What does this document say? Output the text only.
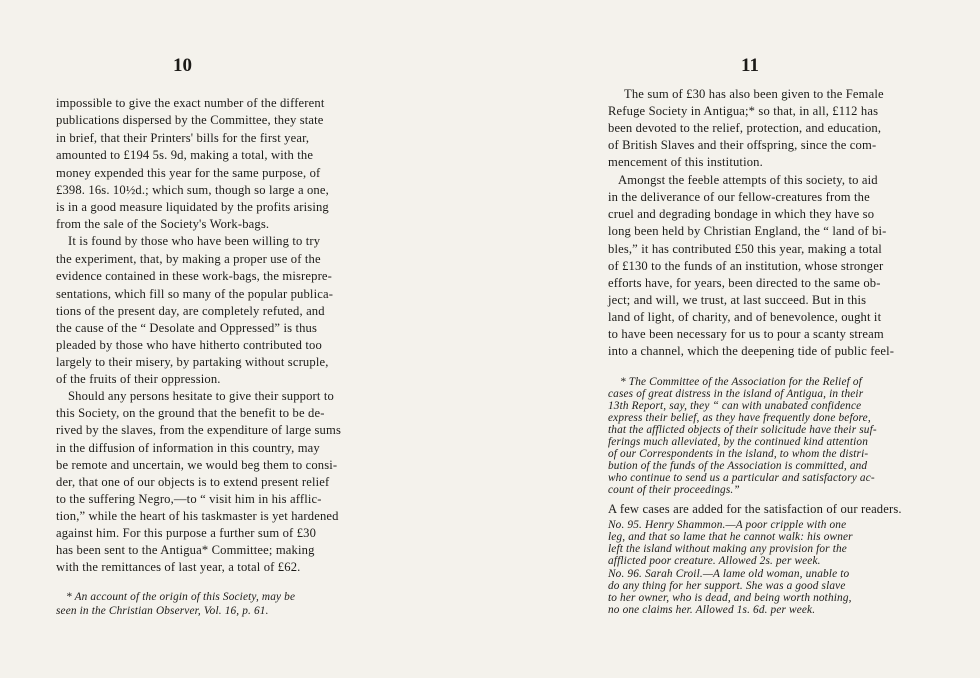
10
impossible to give the exact number of the different
publications dispersed by the Committee, they state
in brief, that their Printers' bills for the first year,
amounted to £194 5s. 9d, making a total, with the
money expended this year for the same purpose, of
£398. 16s. 10½d.; which sum, though so large a one,
is in a good measure liquidated by the profits arising
from the sale of the Society's Work-bags.
It is found by those who have been willing to try
the experiment, that, by making a proper use of the
evidence contained in these work-bags, the misrepre-
sentations, which fill so many of the popular publica-
tions of the present day, are completely refuted, and
the cause of the “ Desolate and Oppressed” is thus
pleaded by those who have hitherto contributed too
largely to their misery, by partaking without scruple,
of the fruits of their oppression.
Should any persons hesitate to give their support to
this Society, on the ground that the benefit to be de-
rived by the slaves, from the expenditure of large sums
in the diffusion of information in this country, may
be remote and uncertain, we would beg them to consi-
der, that one of our objects is to extend present relief
to the suffering Negro,—to “ visit him in his afflic-
tion,” while the heart of his taskmaster is yet hardened
against him. For this purpose a further sum of £30
has been sent to the Antigua* Committee; making
with the remittances of last year, a total of £62.
* An account of the origin of this Society, may be
seen in the Christian Observer, Vol. 16, p. 61.
11
The sum of £30 has also been given to the Female
Refuge Society in Antigua;* so that, in all, £112 has
been devoted to the relief, protection, and education,
of British Slaves and their offspring, since the com-
mencement of this institution.
Amongst the feeble attempts of this society, to aid
in the deliverance of our fellow-creatures from the
cruel and degrading bondage in which they have so
long been held by Christian England, the “ land of bi-
bles,” it has contributed £50 this year, making a total
of £130 to the funds of an institution, whose stronger
efforts have, for years, been directed to the same ob-
ject; and will, we trust, at last succeed. But in this
land of light, of charity, and of benevolence, ought it
to have been necessary for us to pour a scanty stream
into a channel, which the deepening tide of public feel-
* The Committee of the Association for the Relief of
cases of great distress in the island of Antigua, in their
13th Report, say, they “ can with unabated confidence
express their belief, as they have frequently done before,
that the afflicted objects of their solicitude have their suf-
ferings much alleviated, by the continued kind attention
of our Correspondents in the island, to whom the distri-
bution of the funds of the Association is committed, and
who continue to send us a particular and satisfactory ac-
count of their proceedings.”
A few cases are added for the satisfaction of our readers.
No. 95. Henry Shammon.—A poor cripple with one
leg, and that so lame that he cannot walk: his owner
left the island without making any provision for the
afflicted poor creature. Allowed 2s. per week.
No. 96. Sarah Croil.—A lame old woman, unable to
do any thing for her support. She was a good slave
to her owner, who is dead, and being worth nothing,
no one claims her. Allowed 1s. 6d. per week.
